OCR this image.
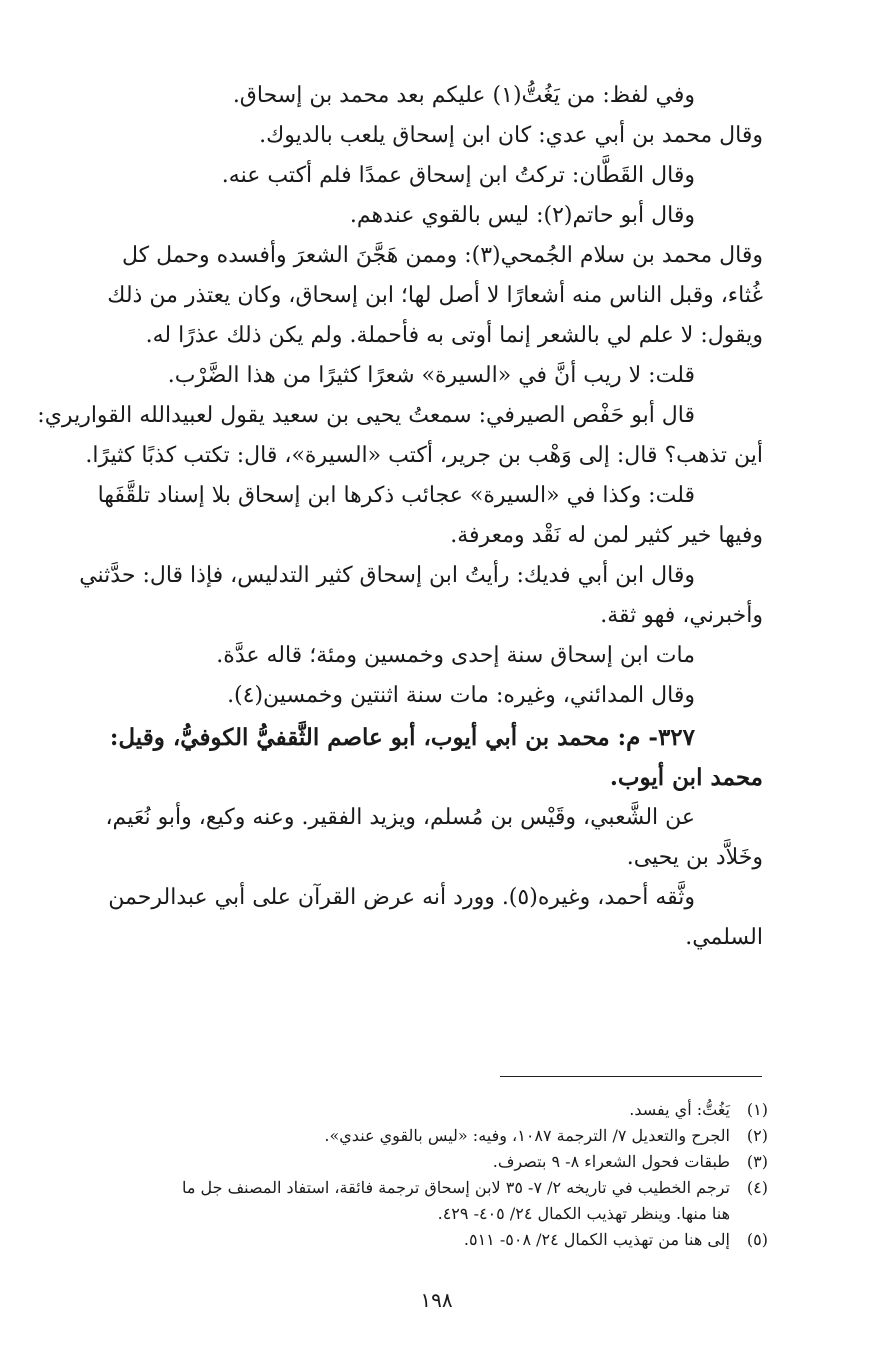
وفي لفظ: من يَغُتُّ(١) عليكم بعد محمد بن إسحاق.
وقال محمد بن أبي عدي: كان ابن إسحاق يلعب بالديوك.
وقال القَطَّان: تركتُ ابن إسحاق عمدًا فلم أكتب عنه.
وقال أبو حاتم(٢): ليس بالقوي عندهم.
وقال محمد بن سلام الجُمحي(٣): وممن هَجَّنَ الشعرَ وأفسده وحمل كل
غُثاء، وقبل الناس منه أشعارًا لا أصل لها؛ ابن إسحاق، وكان يعتذر من ذلك
ويقول: لا علم لي بالشعر إنما أوتى به فأحملة. ولم يكن ذلك عذرًا له.
قلت: لا ريب أنَّ في «السيرة» شعرًا كثيرًا من هذا الضَّرْب.
قال أبو حَفْص الصيرفي: سمعتُ يحيى بن سعيد يقول لعبيدالله القواريري:
أين تذهب؟ قال: إلى وَهْب بن جرير، أكتب «السيرة»، قال: تكتب كذبًا كثيرًا.
قلت: وكذا في «السيرة» عجائب ذكرها ابن إسحاق بلا إسناد تلقَّفَها
وفيها خير كثير لمن له نَقْد ومعرفة.
وقال ابن أبي فديك: رأيتُ ابن إسحاق كثير التدليس، فإذا قال: حدَّثني
وأخبرني، فهو ثقة.
مات ابن إسحاق سنة إحدى وخمسين ومئة؛ قاله عدَّة.
وقال المدائني، وغيره: مات سنة اثنتين وخمسين(٤).
٣٢٧- م: محمد بن أبي أيوب، أبو عاصم الثَّقفيُّ الكوفيُّ، وقيل:
محمد ابن أيوب.
عن الشَّعبي، وقَيْس بن مُسلم، ويزيد الفقير. وعنه وكيع، وأبو نُعَيم،
وخَلاَّد بن يحيى.
وثَّقه أحمد، وغيره(٥). وورد أنه عرض القرآن على أبي عبدالرحمن
السلمي.
(١)يَغُتُّ: أي يفسد.
(٢)الجرح والتعديل ٧/ الترجمة ١٠٨٧، وفيه: «ليس بالقوي عندي».
(٣)طبقات فحول الشعراء ٨- ٩ بتصرف.
(٤)ترجم الخطيب في تاريخه ٢/ ٧- ٣٥ لابن إسحاق ترجمة فائقة، استفاد المصنف جل ما
هنا منها. وينظر تهذيب الكمال ٢٤/ ٤٠٥- ٤٢٩.
(٥)إلى هنا من تهذيب الكمال ٢٤/ ٥٠٨- ٥١١.
١٩٨
